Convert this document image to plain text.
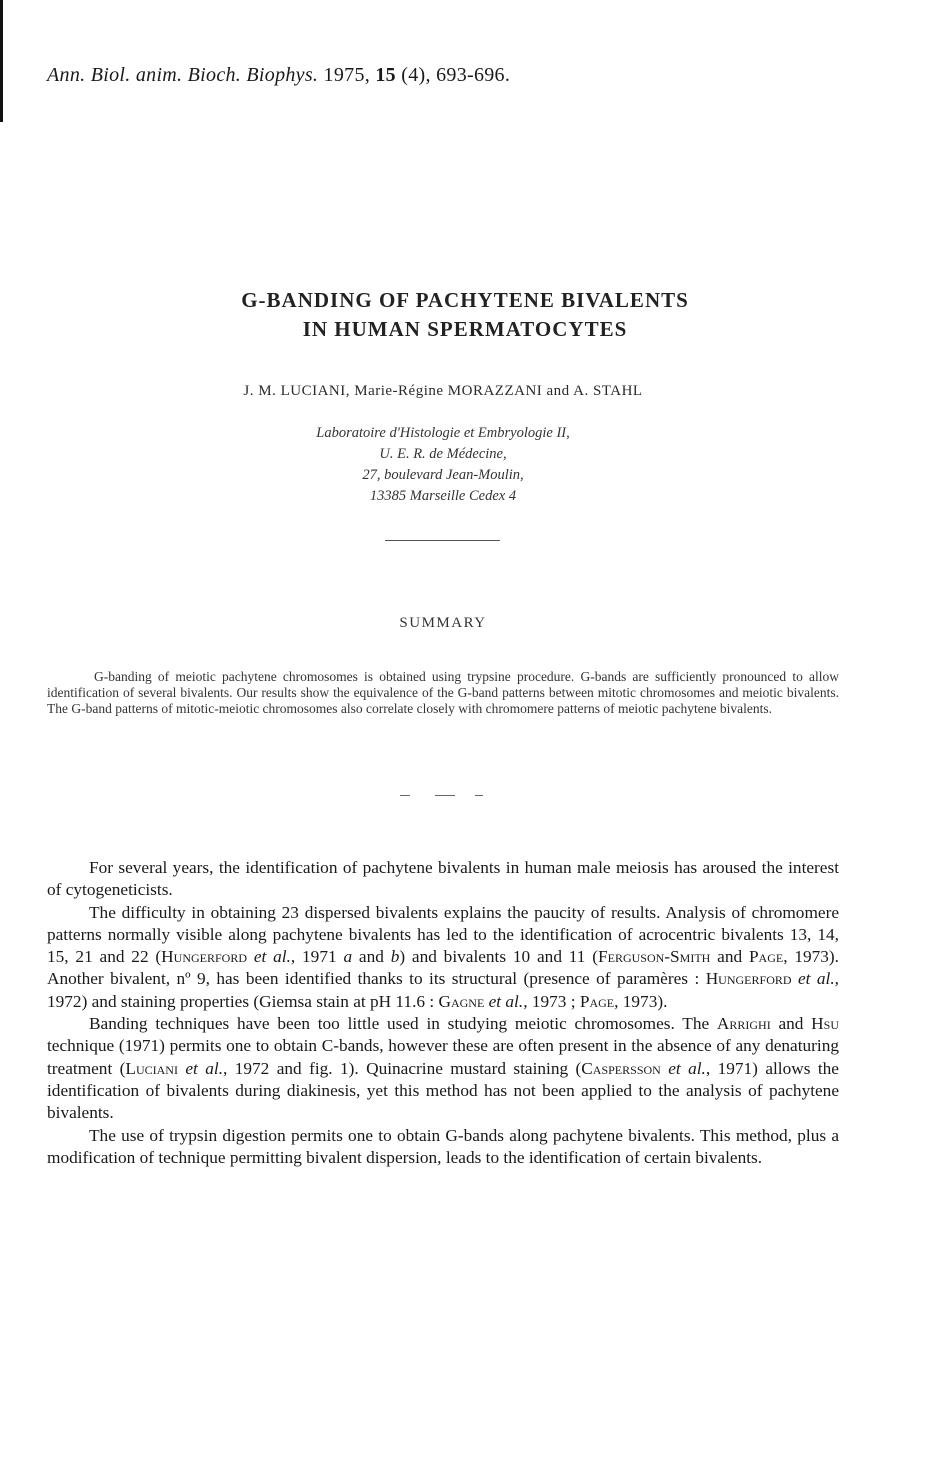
Ann. Biol. anim. Bioch. Biophys. 1975, 15 (4), 693-696.
G-BANDING OF PACHYTENE BIVALENTS
IN HUMAN SPERMATOCYTES
J. M. LUCIANI, Marie-Régine MORAZZANI and A. STAHL
Laboratoire d'Histologie et Embryologie II,
U. E. R. de Médecine,
27, boulevard Jean-Moulin,
13385 Marseille Cedex 4
SUMMARY
G-banding of meiotic pachytene chromosomes is obtained using trypsine procedure. G-bands are sufficiently pronounced to allow identification of several bivalents. Our results show the equivalence of the G-band patterns between mitotic chromosomes and meiotic bivalents. The G-band patterns of mitotic-meiotic chromosomes also correlate closely with chromomere patterns of meiotic pachytene bivalents.

For several years, the identification of pachytene bivalents in human male meiosis has aroused the interest of cytogeneticists.

The difficulty in obtaining 23 dispersed bivalents explains the paucity of results. Analysis of chromomere patterns normally visible along pachytene bivalents has led to the identification of acrocentric bivalents 13, 14, 15, 21 and 22 (Hungerford et al., 1971 a and b) and bivalents 10 and 11 (Ferguson-Smith and Page, 1973). Another bivalent, nº 9, has been identified thanks to its structural (presence of paramères : Hungerford et al., 1972) and staining properties (Giemsa stain at pH 11.6 : Gagne et al., 1973 ; Page, 1973).

Banding techniques have been too little used in studying meiotic chromosomes. The Arrighi and Hsu technique (1971) permits one to obtain C-bands, however these are often present in the absence of any denaturing treatment (Luciani et al., 1972 and fig. 1). Quinacrine mustard staining (Caspersson et al., 1971) allows the identification of bivalents during diakinesis, yet this method has not been applied to the analysis of pachytene bivalents.

The use of trypsin digestion permits one to obtain G-bands along pachytene bivalents. This method, plus a modification of technique permitting bivalent dispersion, leads to the identification of certain bivalents.
